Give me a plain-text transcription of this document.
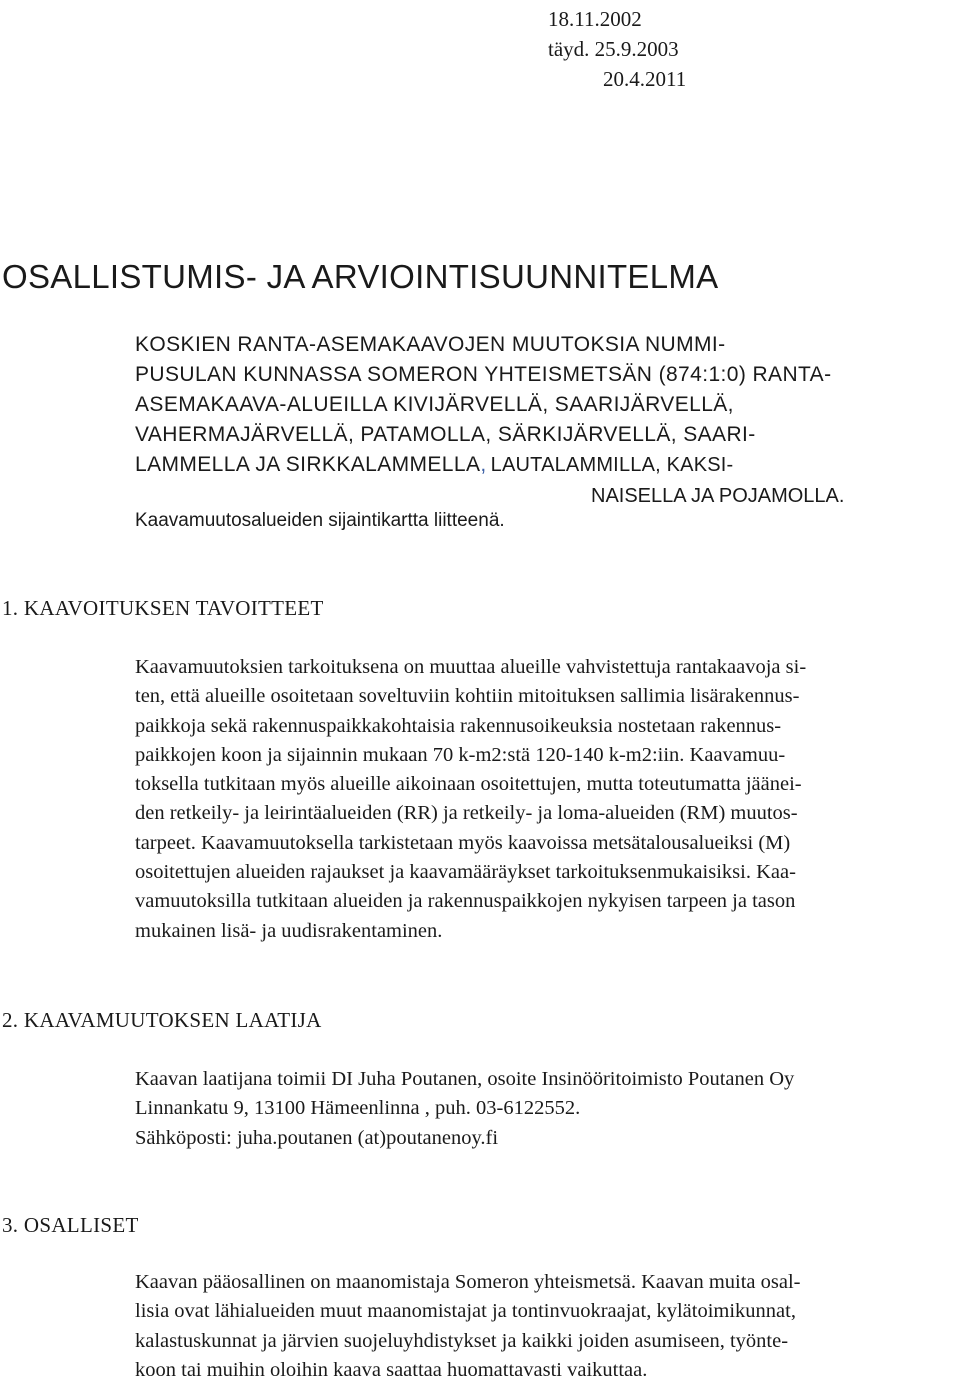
18.11.2002
täyd. 25.9.2003
20.4.2011
OSALLISTUMIS- JA ARVIOINTISUUNNITELMA
KOSKIEN RANTA-ASEMAKAAVOJEN MUUTOKSIA NUMMI-
PUSULAN KUNNASSA SOMERON YHTEISMETSÄN (874:1:0) RANTA-
ASEMAKAAVA-ALUEILLA KIVIJÄRVELLÄ, SAARIJÄRVELLÄ,
VAHERMAJÄRVELLÄ, PATAMOLLA, SÄRKIJÄRVELLÄ, SAARI-
LAMMELLA JA SIRKKALAMMELLA, LAUTALAMMILLA, KAKSI-
NAISELLA JA POJAMOLLA.
Kaavamuutosalueiden sijaintikartta liitteenä.
1. KAAVOITUKSEN TAVOITTEET
Kaavamuutoksien tarkoituksena on muuttaa alueille vahvistettuja rantakaavoja si-
ten, että alueille osoitetaan soveltuviin kohtiin mitoituksen sallimia lisärakennus-
paikkoja sekä rakennuspaikkakohtaisia rakennusoikeuksia nostetaan rakennus-
paikkojen koon ja sijainnin mukaan 70 k-m2:stä 120-140 k-m2:iin. Kaavamuu-
toksella tutkitaan myös alueille aikoinaan osoitettujen, mutta toteutumatta jäänei-
den retkeily- ja leirintäalueiden (RR) ja retkeily- ja loma-alueiden (RM) muutos-
tarpeet. Kaavamuutoksella tarkistetaan myös kaavoissa metsätalousalueiksi (M)
osoitettujen alueiden rajaukset ja kaavamääräykset tarkoituksenmukaisiksi. Kaa-
vamuutoksilla tutkitaan alueiden ja rakennuspaikkojen nykyisen tarpeen ja tason
mukainen lisä- ja uudisrakentaminen.
2. KAAVAMUUTOKSEN LAATIJA
Kaavan laatijana toimii DI Juha Poutanen, osoite Insinööritoimisto Poutanen Oy
Linnankatu 9, 13100 Hämeenlinna , puh. 03-6122552.
Sähköposti: juha.poutanen (at)poutanenoy.fi
3. OSALLISET
Kaavan pääosallinen on maanomistaja Someron yhteismetsä. Kaavan muita osal-
lisia ovat lähialueiden muut maanomistajat ja tontinvuokraajat, kylätoimikunnat,
kalastuskunnat ja järvien suojeluyhdistykset ja kaikki joiden asumiseen, työnte-
koon tai muihin oloihin kaava saattaa huomattavasti vaikuttaa.
